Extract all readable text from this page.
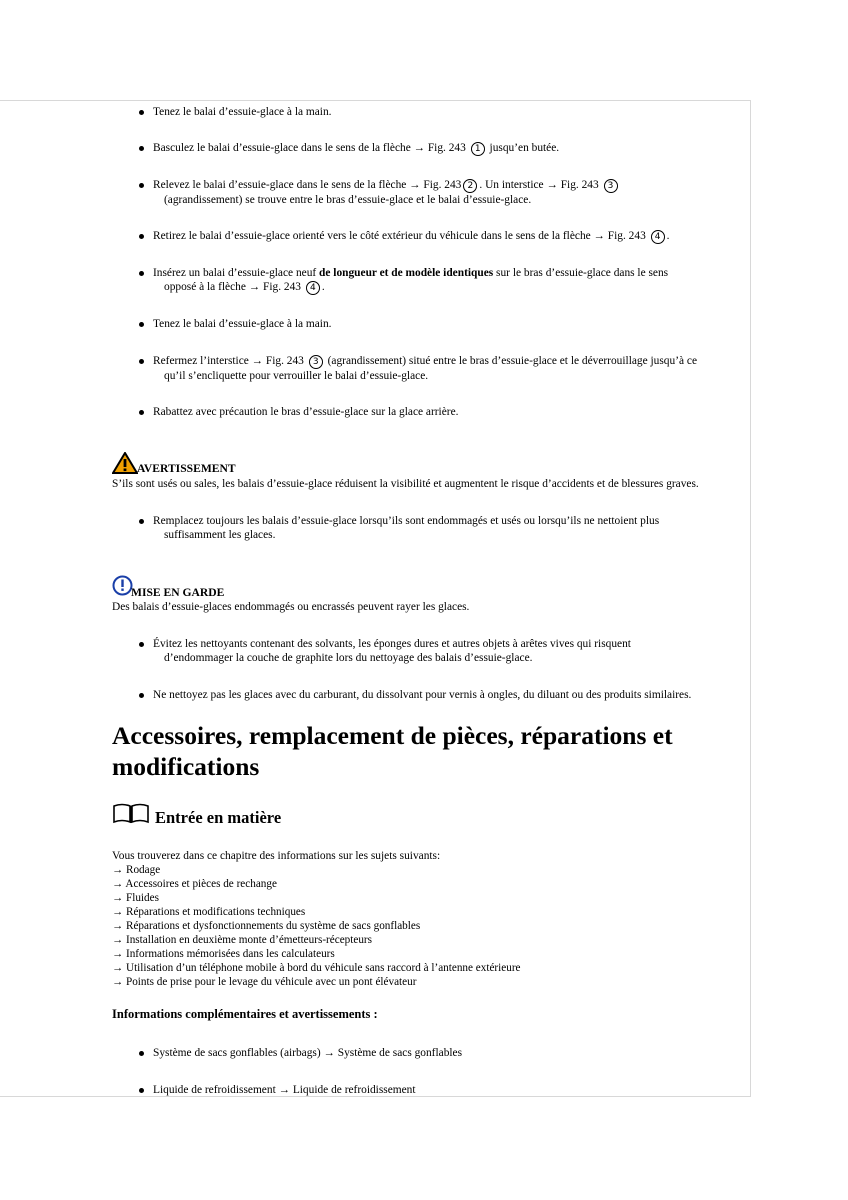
Tenez le balai d’essuie-glace à la main.
Basculez le balai d’essuie-glace dans le sens de la flèche → Fig. 243 1 jusqu’en butée.
Relevez le balai d’essuie-glace dans le sens de la flèche → Fig. 243 2 . Un interstice → Fig. 243 3
(agrandissement) se trouve entre le bras d’essuie-glace et le balai d’essuie-glace.
Retirez le balai d’essuie-glace orienté vers le côté extérieur du véhicule dans le sens de la flèche → Fig. 243 4 .
Insérez un balai d’essuie-glace neuf de longueur et de modèle identiques sur le bras d’essuie-glace dans le sens
opposé à la flèche → Fig. 243 4 .
Tenez le balai d’essuie-glace à la main.
Refermez l’interstice → Fig. 243 3 (agrandissement) situé entre le bras d’essuie-glace et le déverrouillage jusqu’à ce
qu’il s’encliquette pour verrouiller le balai d’essuie-glace.
Rabattez avec précaution le bras d’essuie-glace sur la glace arrière.
AVERTISSEMENT
S’ils sont usés ou sales, les balais d’essuie-glace réduisent la visibilité et augmentent le risque d’accidents et de blessures graves.
Remplacez toujours les balais d’essuie-glace lorsqu’ils sont endommagés et usés ou lorsqu’ils ne nettoient plus
suffisamment les glaces.
MISE EN GARDE
Des balais d’essuie-glaces endommagés ou encrassés peuvent rayer les glaces.
Évitez les nettoyants contenant des solvants, les éponges dures et autres objets à arêtes vives qui risquent
d’endommager la couche de graphite lors du nettoyage des balais d’essuie-glace.
Ne nettoyez pas les glaces avec du carburant, du dissolvant pour vernis à ongles, du diluant ou des produits similaires.
Accessoires, remplacement de pièces, réparations et modifications
Entrée en matière
Vous trouverez dans ce chapitre des informations sur les sujets suivants:
→ Rodage
→ Accessoires et pièces de rechange
→ Fluides
→ Réparations et modifications techniques
→ Réparations et dysfonctionnements du système de sacs gonflables
→ Installation en deuxième monte d’émetteurs-récepteurs
→ Informations mémorisées dans les calculateurs
→ Utilisation d’un téléphone mobile à bord du véhicule sans raccord à l’antenne extérieure
→ Points de prise pour le levage du véhicule avec un pont élévateur
Informations complémentaires et avertissements :
Système de sacs gonflables (airbags) → Système de sacs gonflables
Liquide de refroidissement → Liquide de refroidissement
